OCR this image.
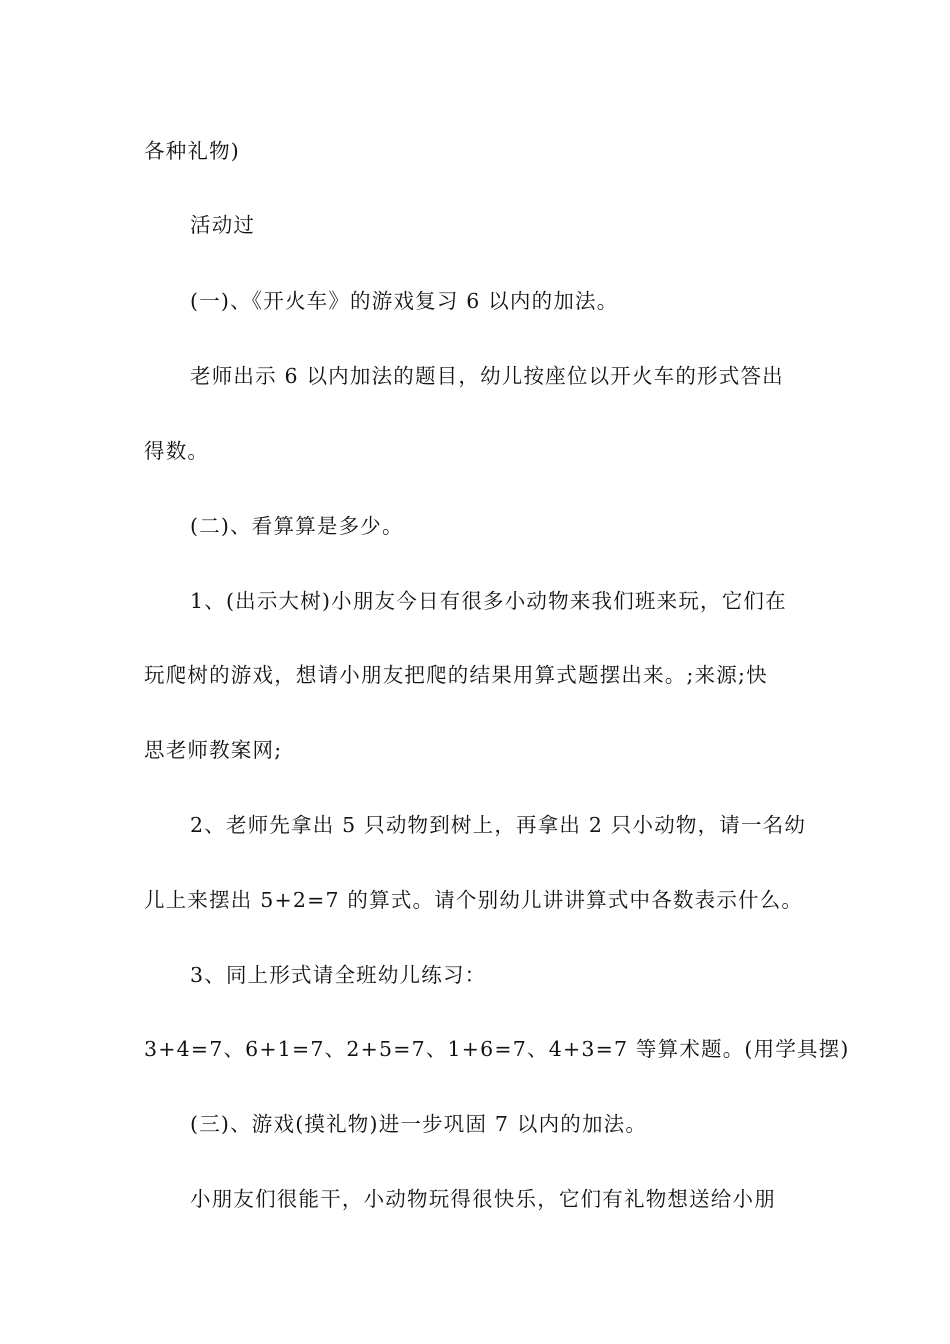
各种礼物)
活动过
(一)、《开火车》的游戏复习 6 以内的加法。
老师出示 6 以内加法的题目，幼儿按座位以开火车的形式答出
得数。
(二)、看算算是多少。
1、(出示大树)小朋友今日有很多小动物来我们班来玩，它们在
玩爬树的游戏，想请小朋友把爬的结果用算式题摆出来。;来源;快
思老师教案网;
2、老师先拿出 5 只动物到树上，再拿出 2 只小动物，请一名幼
儿上来摆出 5+2=7 的算式。请个别幼儿讲讲算式中各数表示什么。
3、同上形式请全班幼儿练习：
3+4=7、6+1=7、2+5=7、1+6=7、4+3=7 等算术题。(用学具摆)
(三)、游戏(摸礼物)进一步巩固 7 以内的加法。
小朋友们很能干，小动物玩得很快乐，它们有礼物想送给小朋
